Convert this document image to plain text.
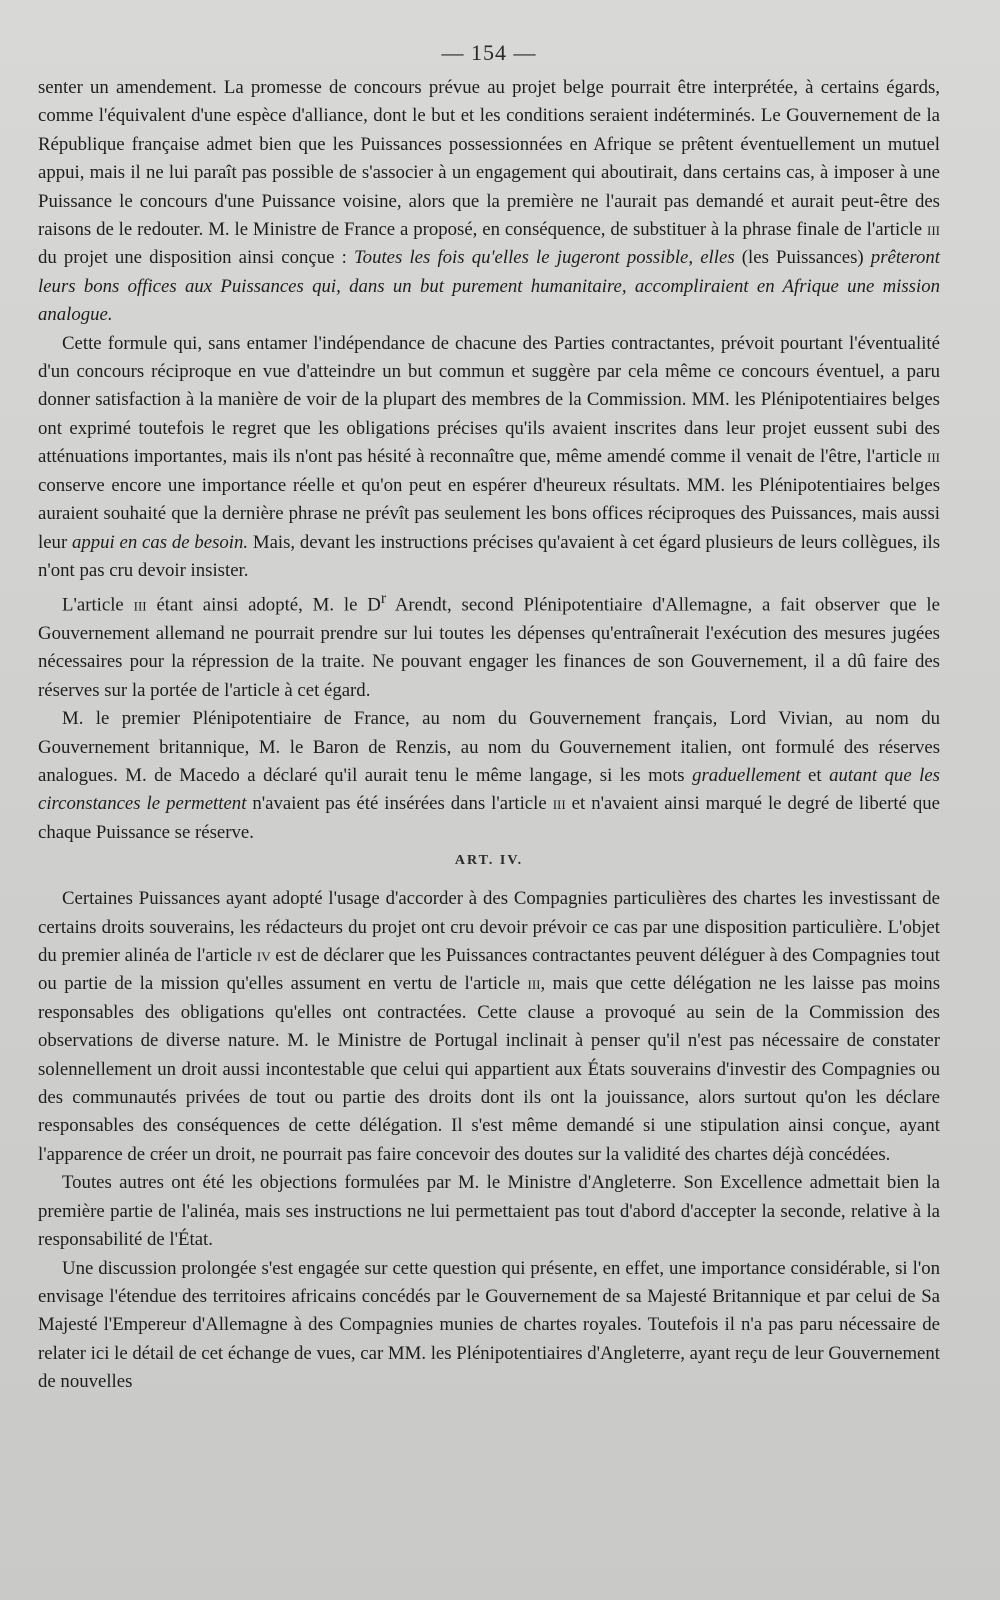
— 154 —

senter un amendement. La promesse de concours prévue au projet belge pourrait être interprétée, à certains égards, comme l'équivalent d'une espèce d'alliance, dont le but et les conditions seraient indéterminés. Le Gouvernement de la République française admet bien que les Puissances possessionnées en Afrique se prêtent éventuellement un mutuel appui, mais il ne lui paraît pas possible de s'associer à un engagement qui aboutirait, dans certains cas, à imposer à une Puissance le concours d'une Puissance voisine, alors que la première ne l'aurait pas demandé et aurait peut-être des raisons de le redouter. M. le Ministre de France a proposé, en conséquence, de substituer à la phrase finale de l'article iii du projet une disposition ainsi conçue : Toutes les fois qu'elles le jugeront possible, elles (les Puissances) prêteront leurs bons offices aux Puissances qui, dans un but purement humanitaire, accompliraient en Afrique une mission analogue.

Cette formule qui, sans entamer l'indépendance de chacune des Parties contractantes, prévoit pourtant l'éventualité d'un concours réciproque en vue d'atteindre un but commun et suggère par cela même ce concours éventuel, a paru donner satisfaction à la manière de voir de la plupart des membres de la Commission. MM. les Plénipotentiaires belges ont exprimé toutefois le regret que les obligations précises qu'ils avaient inscrites dans leur projet eussent subi des atténuations importantes, mais ils n'ont pas hésité à reconnaître que, même amendé comme il venait de l'être, l'article iii conserve encore une importance réelle et qu'on peut en espérer d'heureux résultats. MM. les Plénipotentiaires belges auraient souhaité que la dernière phrase ne prévît pas seulement les bons offices réciproques des Puissances, mais aussi leur appui en cas de besoin. Mais, devant les instructions précises qu'avaient à cet égard plusieurs de leurs collègues, ils n'ont pas cru devoir insister.

L'article iii étant ainsi adopté, M. le $D^r$ Arendt, second Plénipotentiaire d'Allemagne, a fait observer que le Gouvernement allemand ne pourrait prendre sur lui toutes les dépenses qu'entraînerait l'exécution des mesures jugées nécessaires pour la répression de la traite. Ne pouvant engager les finances de son Gouvernement, il a dû faire des réserves sur la portée de l'article à cet égard.

M. le premier Plénipotentiaire de France, au nom du Gouvernement français, Lord Vivian, au nom du Gouvernement britannique, M. le Baron de Renzis, au nom du Gouvernement italien, ont formulé des réserves analogues. M. de Macedo a déclaré qu'il aurait tenu le même langage, si les mots graduellement et autant que les circonstances le permettent n'avaient pas été insérées dans l'article iii et n'avaient ainsi marqué le degré de liberté que chaque Puissance se réserve.

ART. IV.

Certaines Puissances ayant adopté l'usage d'accorder à des Compagnies particulières des chartes les investissant de certains droits souverains, les rédacteurs du projet ont cru devoir prévoir ce cas par une disposition particulière. L'objet du premier alinéa de l'article iv est de déclarer que les Puissances contractantes peuvent déléguer à des Compagnies tout ou partie de la mission qu'elles assument en vertu de l'article iii, mais que cette délégation ne les laisse pas moins responsables des obligations qu'elles ont contractées. Cette clause a provoqué au sein de la Commission des observations de diverse nature. M. le Ministre de Portugal inclinait à penser qu'il n'est pas nécessaire de constater solennellement un droit aussi incontestable que celui qui appartient aux États souverains d'investir des Compagnies ou des communautés privées de tout ou partie des droits dont ils ont la jouissance, alors surtout qu'on les déclare responsables des conséquences de cette délégation. Il s'est même demandé si une stipulation ainsi conçue, ayant l'apparence de créer un droit, ne pourrait pas faire concevoir des doutes sur la validité des chartes déjà concédées.

Toutes autres ont été les objections formulées par M. le Ministre d'Angleterre. Son Excellence admettait bien la première partie de l'alinéa, mais ses instructions ne lui permettaient pas tout d'abord d'accepter la seconde, relative à la responsabilité de l'État.

Une discussion prolongée s'est engagée sur cette question qui présente, en effet, une importance considérable, si l'on envisage l'étendue des territoires africains concédés par le Gouvernement de sa Majesté Britannique et par celui de Sa Majesté l'Empereur d'Allemagne à des Compagnies munies de chartes royales. Toutefois il n'a pas paru nécessaire de relater ici le détail de cet échange de vues, car MM. les Plénipotentiaires d'Angleterre, ayant reçu de leur Gouvernement de nouvelles
